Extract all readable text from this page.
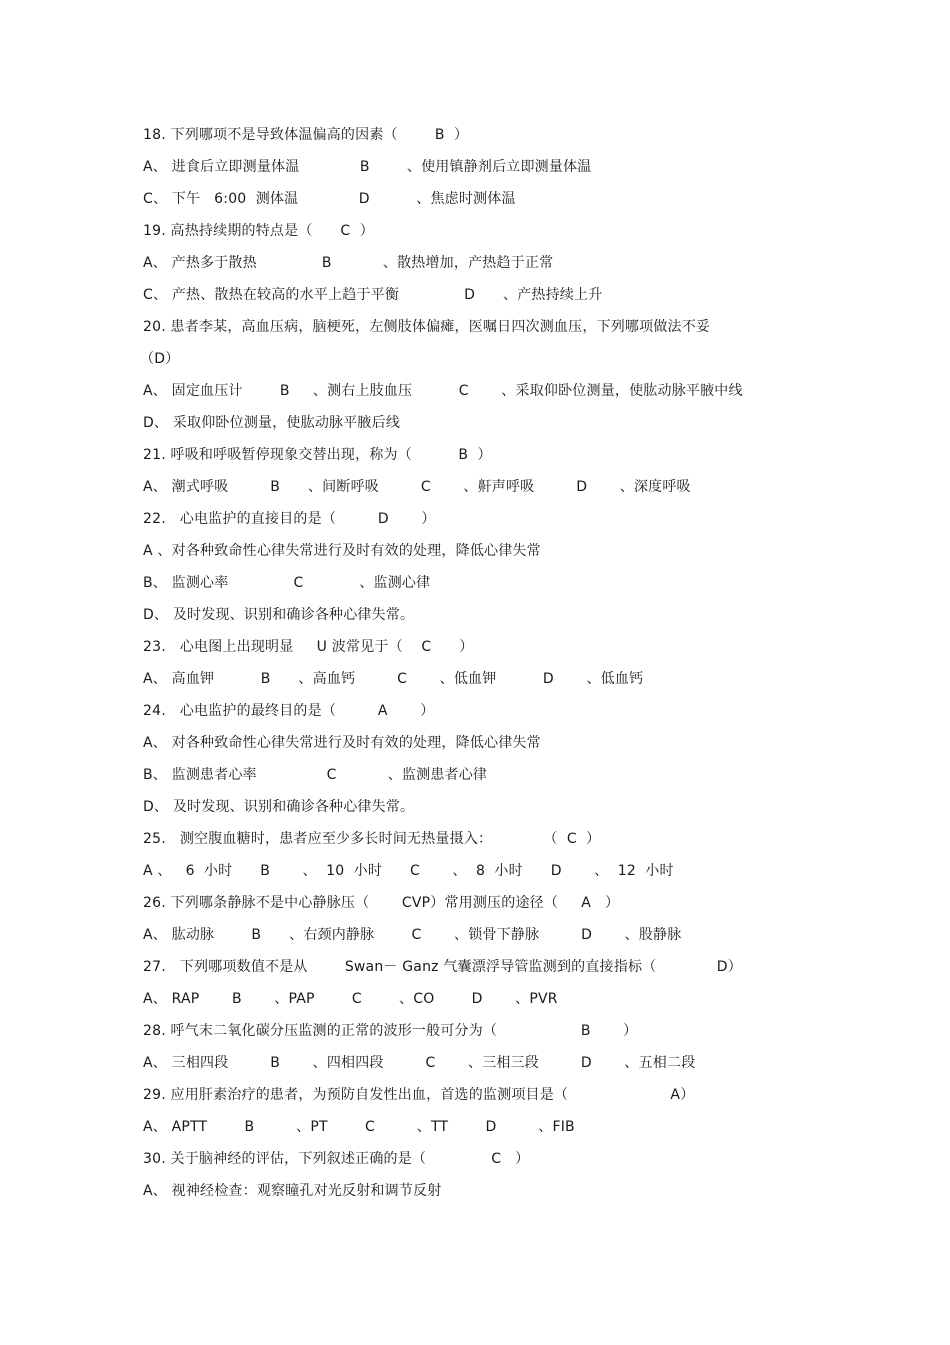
18. 下列哪项不是导致体温偏高的因素（        B  ）
A、 进食后立即测量体温             B        、使用镇静剂后立即测量体温
C、 下午   6:00  测体温             D          、焦虑时测体温
19. 高热持续期的特点是（      C  ）
A、 产热多于散热              B           、散热增加，产热趋于正常
C、 产热、散热在较高的水平上趋于平衡              D      、产热持续上升
20. 患者李某，高血压病，脑梗死，左侧肢体偏瘫，医嘱日四次测血压，下列哪项做法不妥
（D）
A、 固定血压计        B     、测右上肢血压          C       、采取仰卧位测量，使肱动脉平腋中线
D、 采取仰卧位测量，使肱动脉平腋后线
21. 呼吸和呼吸暂停现象交替出现，称为（          B  ）
A、 潮式呼吸         B      、间断呼吸         C       、鼾声呼吸         D       、深度呼吸
22.   心电监护的直接目的是（         D       ）
A 、对各种致命性心律失常进行及时有效的处理，降低心律失常
B、 监测心率              C            、监测心律
D、 及时发现、识别和确诊各种心律失常。
23.   心电图上出现明显     U 波常见于（    C      ）
A、 高血钾          B      、高血钙         C       、低血钾          D       、低血钙
24.   心电监护的最终目的是（         A       ）
A、 对各种致命性心律失常进行及时有效的处理，降低心律失常
B、 监测患者心率               C           、监测患者心律
D、 及时发现、识别和确诊各种心律失常。
25.   测空腹血糖时，患者应至少多长时间无热量摄入：           （  C  ）
A 、   6  小时      B       、  10  小时      C       、  8  小时      D       、  12  小时
26. 下列哪条静脉不是中心静脉压（       CVP）常用测压的途径（     A   ）
A、 肱动脉        B      、右颈内静脉        C       、锁骨下静脉         D       、股静脉
27.   下列哪项数值不是从        Swan－ Ganz 气囊漂浮导管监测到的直接指标（             D）
A、 RAP       B       、PAP        C        、CO        D       、PVR
28. 呼气末二氧化碳分压监测的正常的波形一般可分为（                  B       ）
A、 三相四段         B       、四相四段         C       、三相三段         D       、五相二段
29. 应用肝素治疗的患者，为预防自发性出血，首选的监测项目是（                      A）
A、 APTT        B         、PT        C         、TT        D         、FIB
30. 关于脑神经的评估，下列叙述正确的是（              C   ）
A、 视神经检查：观察瞳孔对光反射和调节反射
